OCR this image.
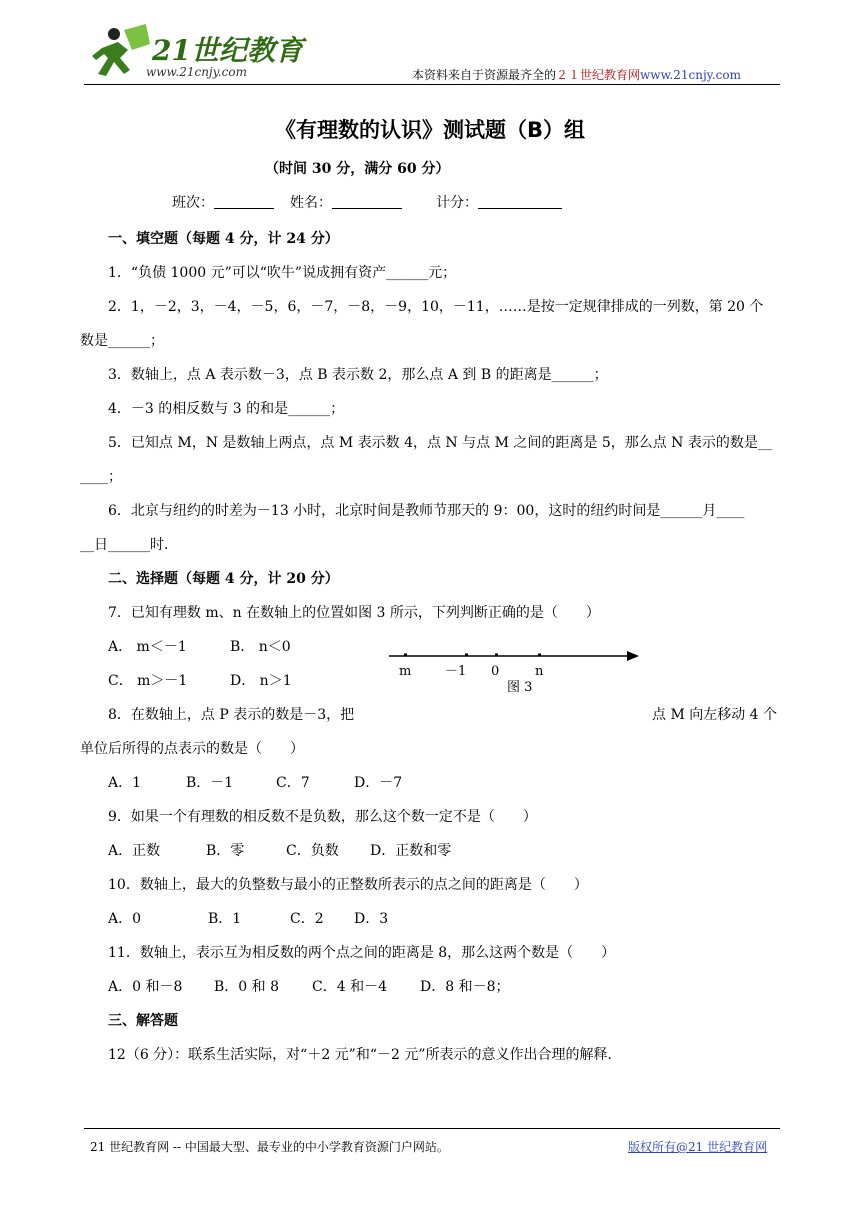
21世纪教育
www.21cnjy.com	本资料来自于资源最齐全的２１世纪教育网www.21cnjy.com
《有理数的认识》测试题（B）组
（时间 30 分，满分 60 分）
班次：	姓名：	计分：
一、填空题（每题 4 分，计 24 分）
1．“负债 1000 元”可以“吹牛”说成拥有资产______元；
2．1，－2，3，－4，－5，6，－7，－8，－9，10，－11，……是按一定规律排成的一列数，第 20 个
数是______；
3．数轴上，点 A 表示数－3，点 B 表示数 2，那么点 A 到 B 的距离是______；
4．－3 的相反数与 3 的和是______；
5．已知点 M，N 是数轴上两点，点 M 表示数 4，点 N 与点 M 之间的距离是 5，那么点 N 表示的数是__
____；
6．北京与纽约的时差为－13 小时，北京时间是教师节那天的 9：00，这时的纽约时间是______月____
__日______时．
二、选择题（每题 4 分，计 20 分）
7．已知有理数 m、n 在数轴上的位置如图 3 所示，下列判断正确的是（　　）
A． m＜－1	B． n＜0
C． m＞－1	D． n＞1
m	－1 0	n
图 3
8．在数轴上，点 P 表示的数是－3，把	点 M 向左移动 4 个
单位后所得的点表示的数是（　　）
A．1	B．－1	C．7	D．－7
9．如果一个有理数的相反数不是负数，那么这个数一定不是（　　）
A．正数	B．零	C．负数 D．正数和零
10．数轴上，最大的负整数与最小的正整数所表示的点之间的距离是（　　）
A．0	B．1	C．2 D．3
11．数轴上，表示互为相反数的两个点之间的距离是 8，那么这两个数是（　　）
A．0 和－8 B．0 和 8 C．4 和－4 D．8 和－8；
三、解答题
12（6 分）：联系生活实际，对“＋2 元”和“－2 元”所表示的意义作出合理的解释．
21 世纪教育网 -- 中国最大型、最专业的中小学教育资源门户网站。	版权所有@21 世纪教育网
